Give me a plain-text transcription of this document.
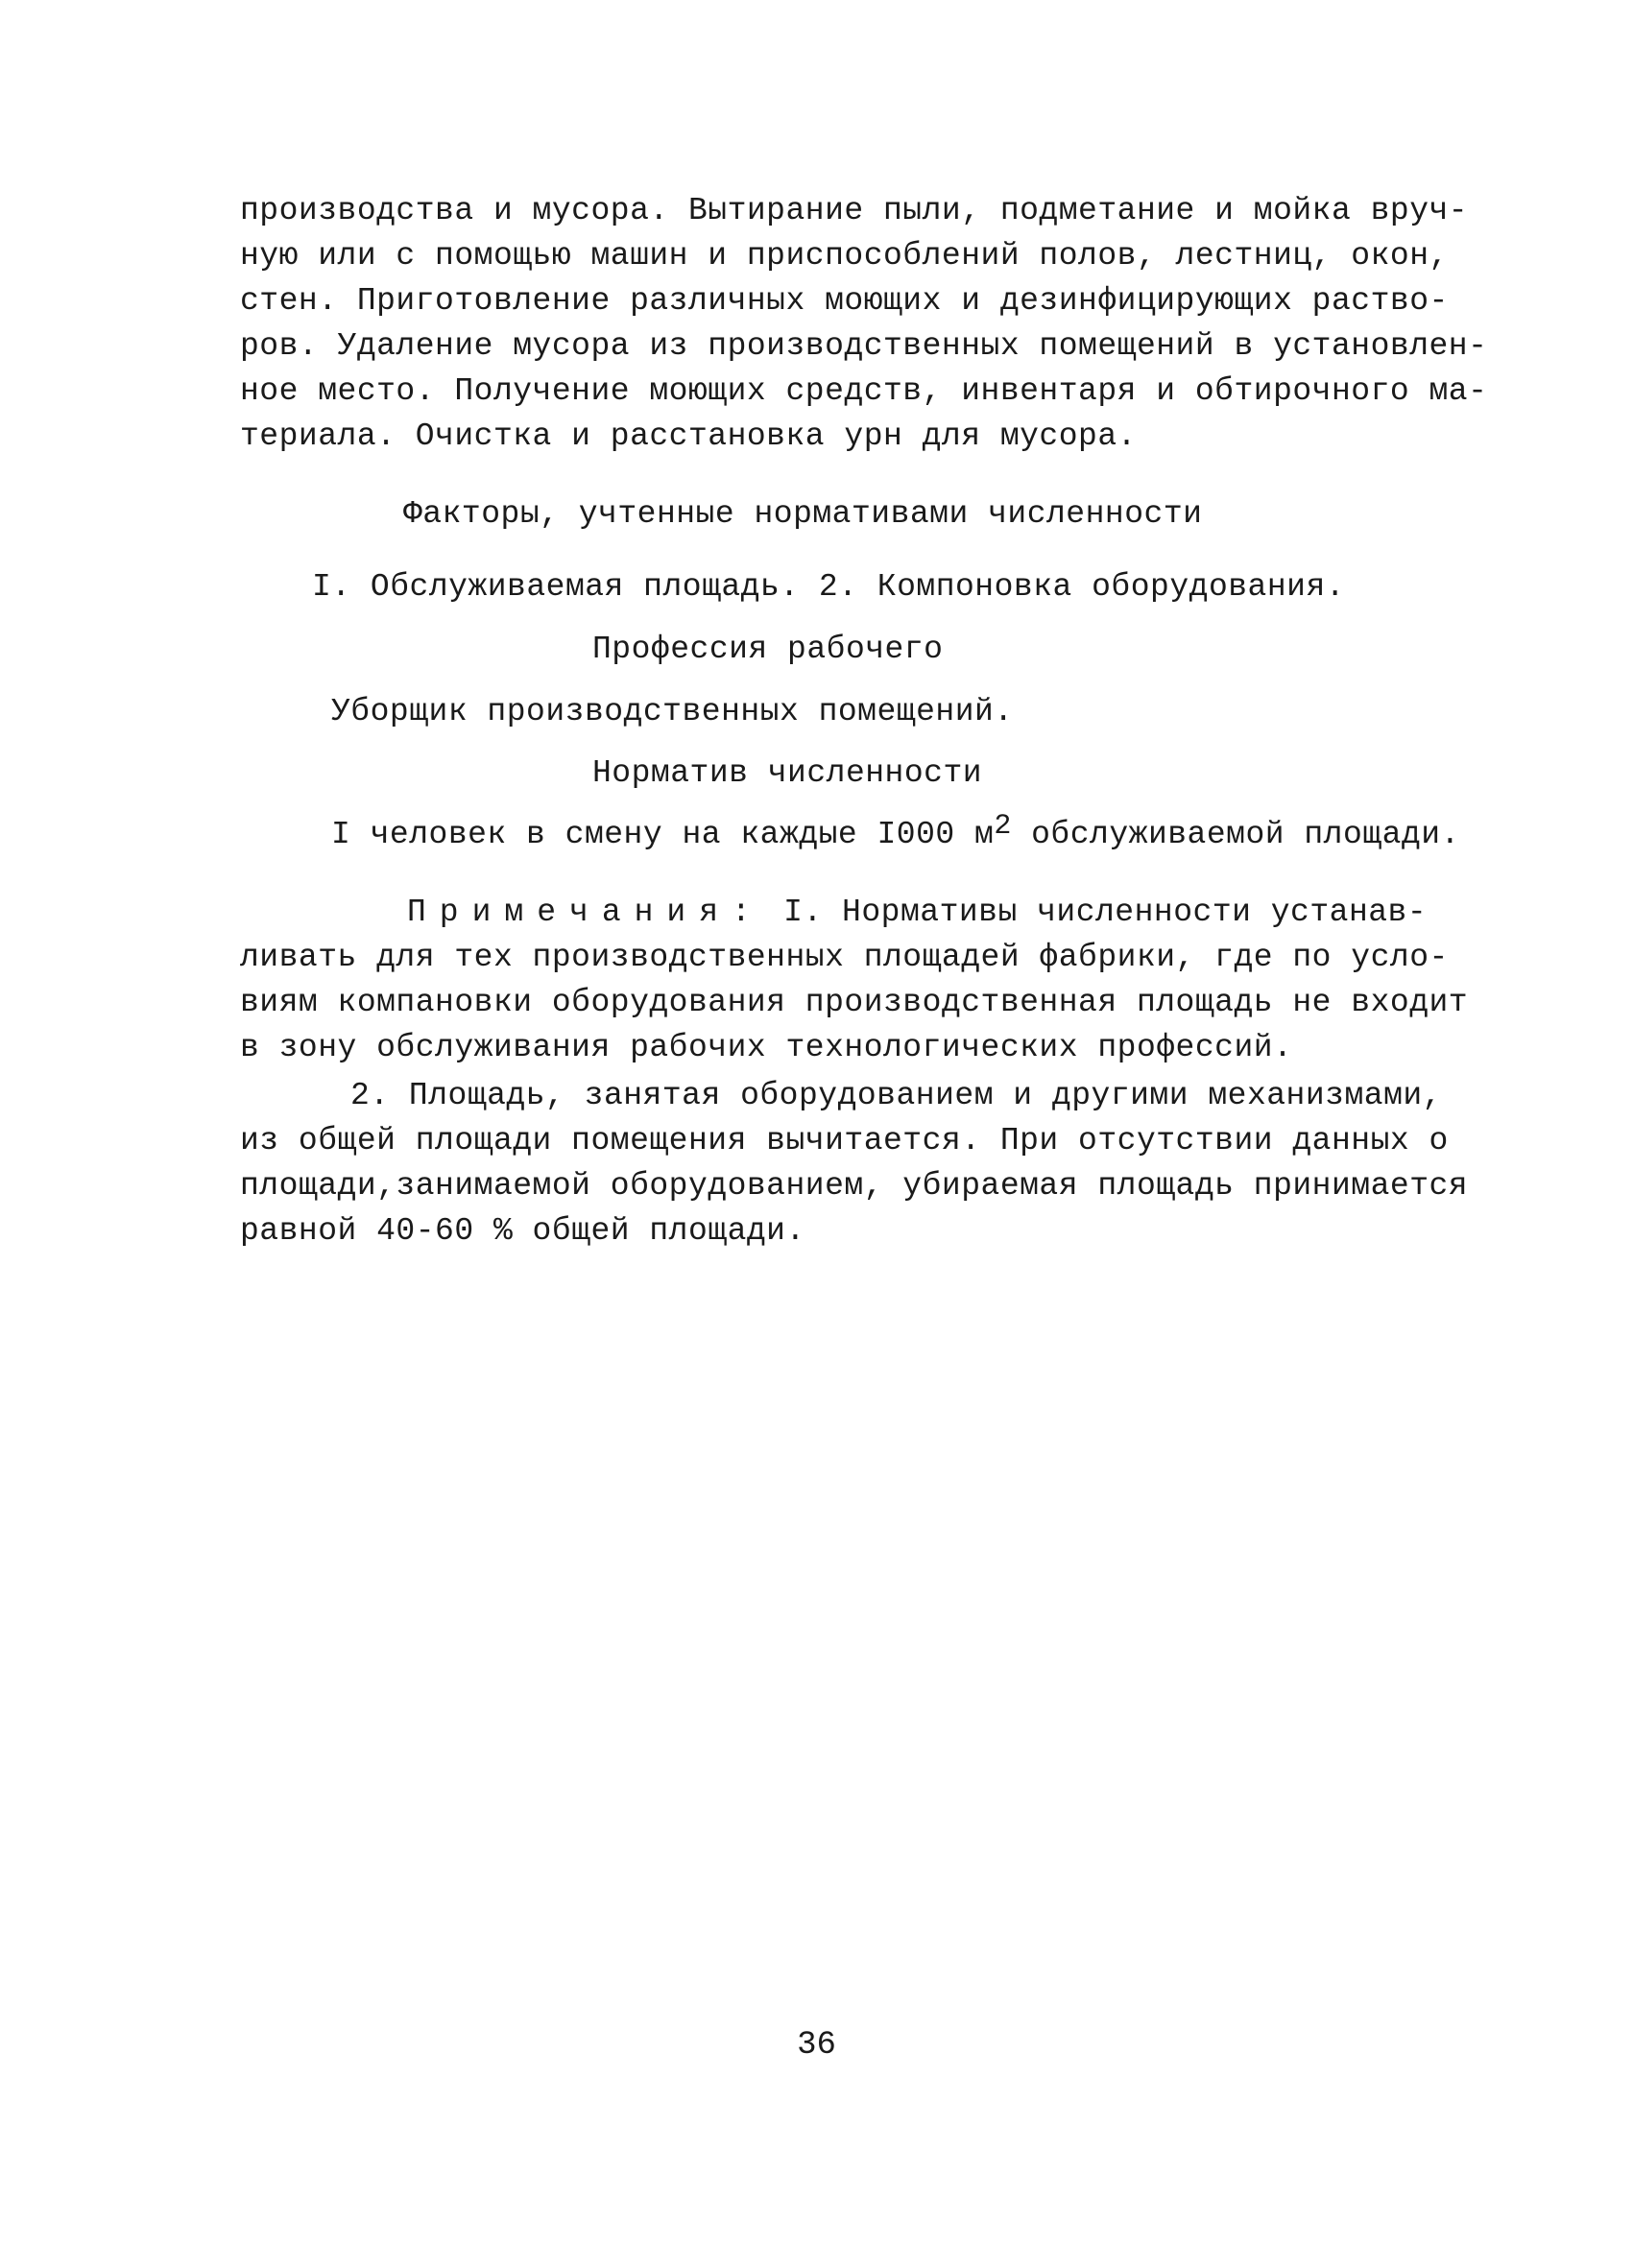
производства и мусора. Вытирание пыли, подметание и мойка вруч-
ную или с помощью машин и приспособлений полов, лестниц, окон,
стен. Приготовление различных моющих и дезинфицирующих раство-
ров. Удаление мусора из производственных помещений в установлен-
ное место. Получение моющих средств, инвентаря и обтирочного ма-
териала. Очистка и расстановка урн для мусора.
Факторы, учтенные нормативами численности
I. Обслуживаемая площадь. 2. Компоновка оборудования.
Профессия рабочего
Уборщик производственных помещений.
Норматив численности
I человек в смену на каждые I000 $м^2$ обслуживаемой площади.
Примечания: I. Нормативы численности устанав-
ливать для тех производственных площадей фабрики, где по усло-
виям компановки оборудования производственная площадь не входит
в зону обслуживания рабочих технологических профессий.
2. Площадь, занятая оборудованием и другими механизмами,
из общей площади помещения вычитается. При отсутствии данных о
площади,занимаемой оборудованием, убираемая площадь принимается
равной 40-60 % общей площади.
36
